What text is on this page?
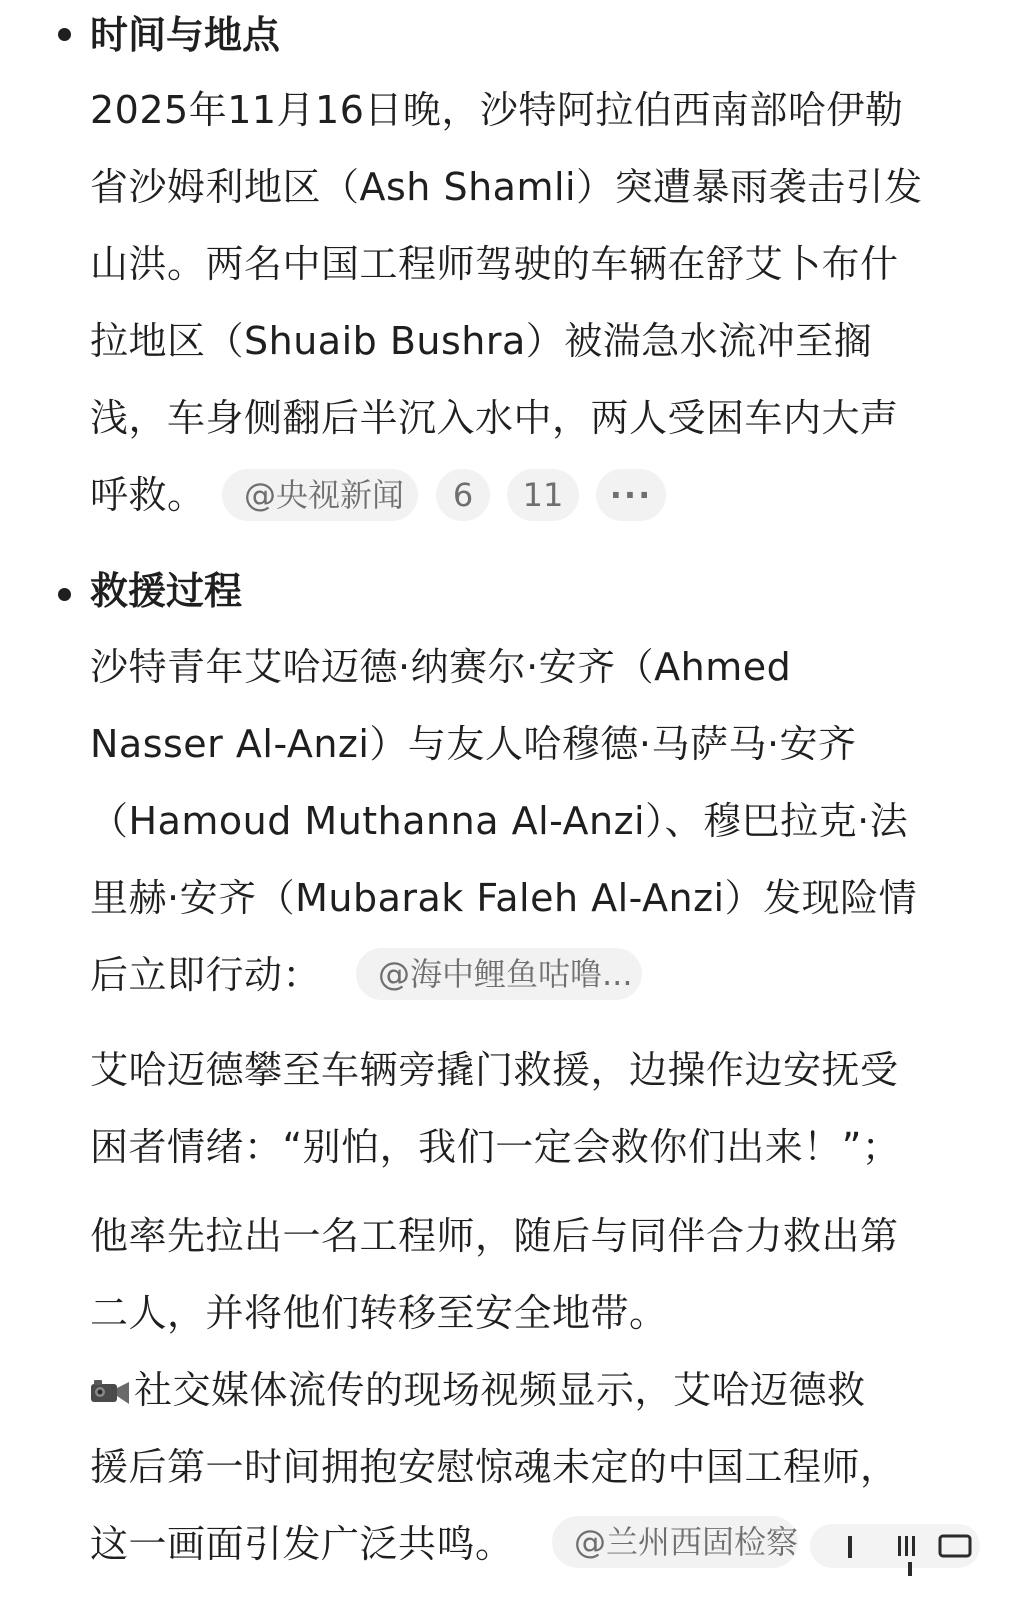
时间与地点
2025年11月16日晚，沙特阿拉伯西南部哈伊勒
省沙姆利地区（Ash Shamli）突遭暴雨袭击引发
山洪。两名中国工程师驾驶的车辆在舒艾卜布什
拉地区（Shuaib Bushra）被湍急水流冲至搁
浅，车身侧翻后半沉入水中，两人受困车内大声
呼救。	@央视新闻	6	11	···
救援过程
沙特青年艾哈迈德·纳赛尔·安齐（Ahmed
Nasser Al-Anzi）与友人哈穆德·马萨马·安齐
（Hamoud Muthanna Al-Anzi）、穆巴拉克·法
里赫·安齐（Mubarak Faleh Al-Anzi）发现险情
后立即行动：	@海中鲤鱼咕噜...
艾哈迈德攀至车辆旁撬门救援，边操作边安抚受
困者情绪：“别怕，我们一定会救你们出来！”；
他率先拉出一名工程师，随后与同伴合力救出第
二人，并将他们转移至安全地带。
社交媒体流传的现场视频显示，艾哈迈德救
援后第一时间拥抱安慰惊魂未定的中国工程师，
这一画面引发广泛共鸣。	@兰州西固检察
